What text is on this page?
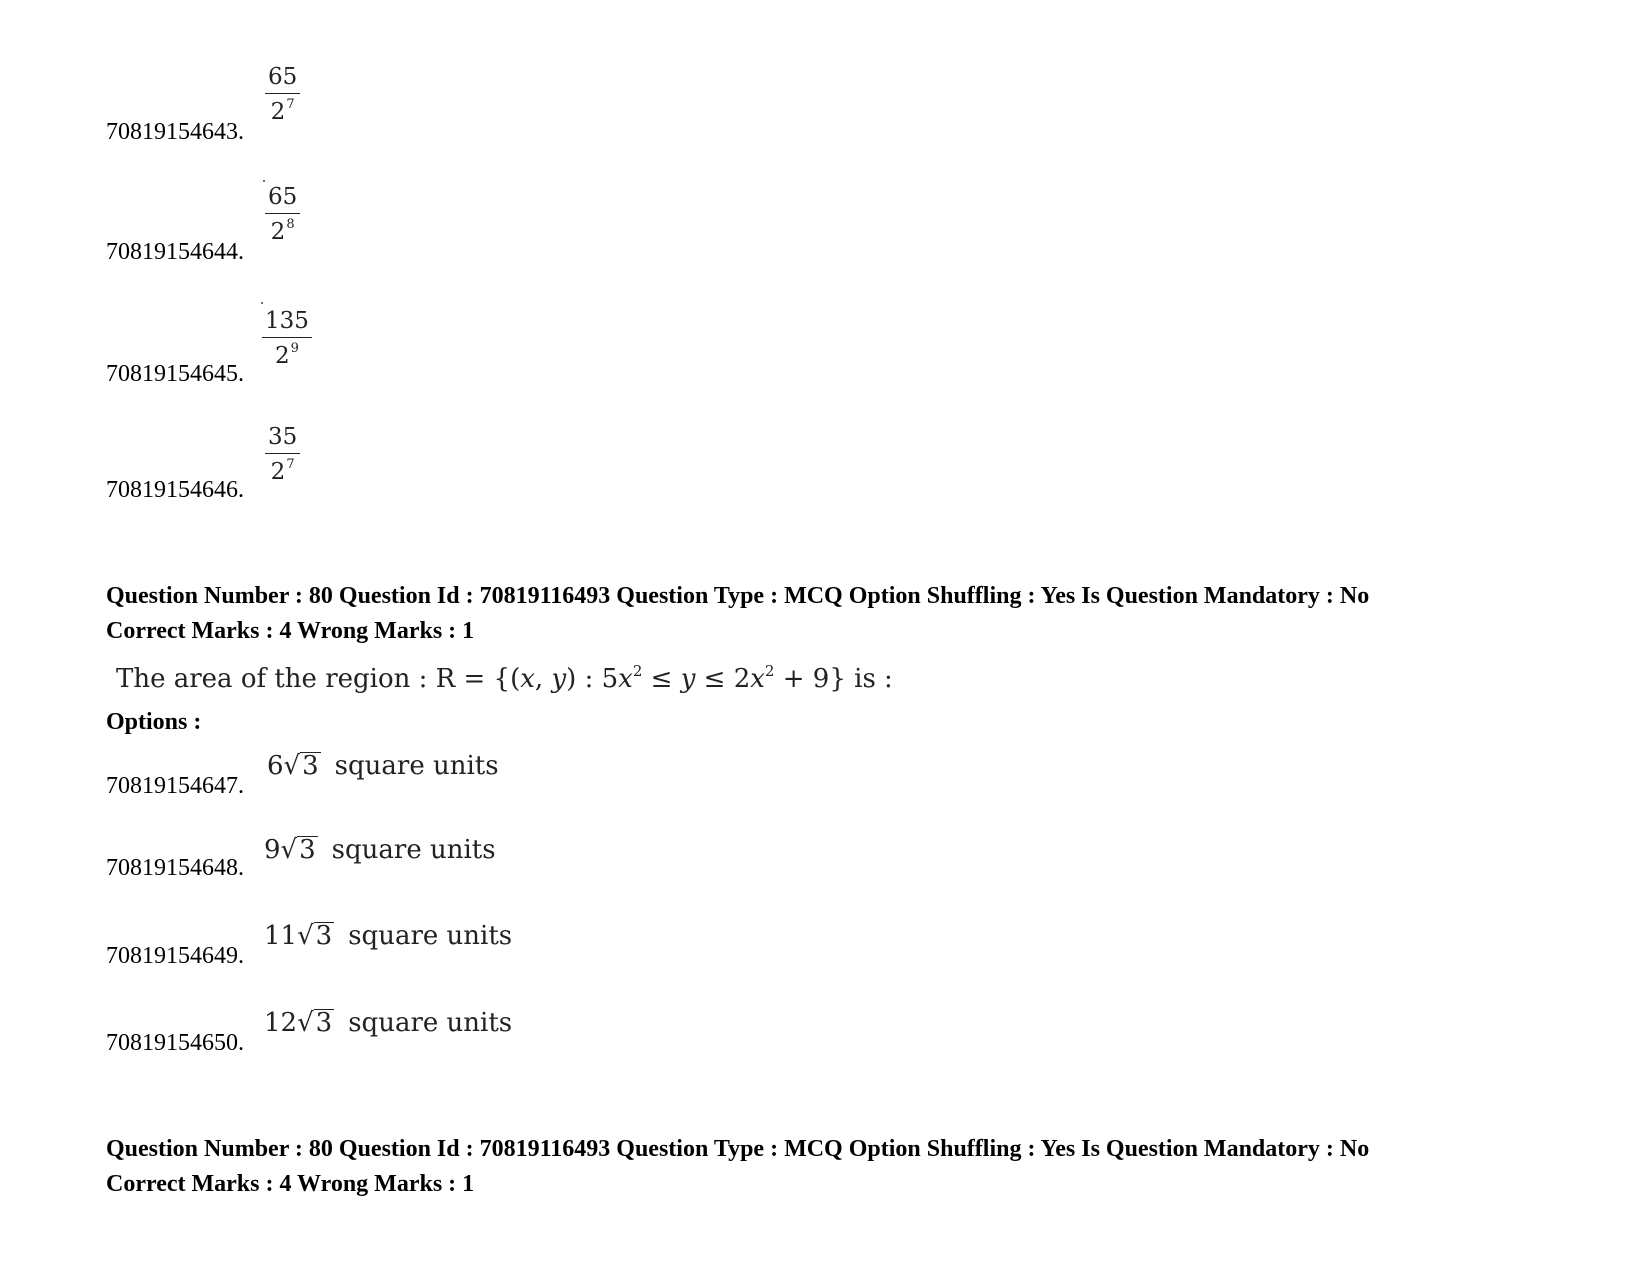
65
$2^7$
70819154643.
65
$2^8$
70819154644.
135
$2^9$
70819154645.
35
$2^7$
70819154646.
Question Number : 80 Question Id : 70819116493 Question Type : MCQ Option Shuffling : Yes Is Question Mandatory : No
Correct Marks : 4 Wrong Marks : 1
The area of the region : R = {(x, y) : $5x^2 \le y \le 2x^2 + 9$} is :
Options :
6√3 square units
70819154647.
9√3 square units
70819154648.
11√3 square units
70819154649.
12√3 square units
70819154650.
Question Number : 80 Question Id : 70819116493 Question Type : MCQ Option Shuffling : Yes Is Question Mandatory : No
Correct Marks : 4 Wrong Marks : 1
